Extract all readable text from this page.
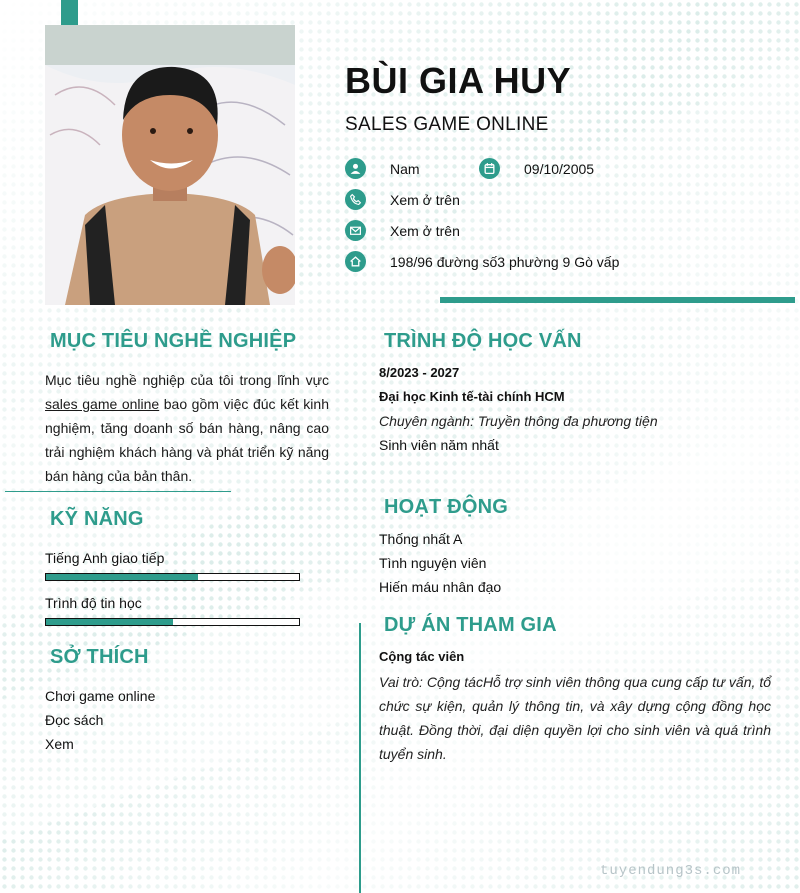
BÙI GIA HUY
SALES GAME ONLINE
Nam	09/10/2005
Xem ở trên
Xem ở trên
198/96 đường số3 phường 9 Gò vấp
MỤC TIÊU NGHỀ NGHIỆP
Mục tiêu nghề nghiệp của tôi trong lĩnh vực sales game online bao gồm việc đúc kết kinh nghiệm, tăng doanh số bán hàng, nâng cao trải nghiệm khách hàng và phát triển kỹ năng bán hàng của bản thân.
KỸ NĂNG
Tiếng Anh giao tiếp
Trình độ tin học
SỞ THÍCH
Chơi game online
Đọc sách
Xem
TRÌNH ĐỘ HỌC VẤN
8/2023 - 2027
Đại học Kinh tế-tài chính HCM
Chuyên ngành: Truyền thông đa phương tiện
Sinh viên năm nhất
HOẠT ĐỘNG
Thống nhất A
Tình nguyện viên
Hiến máu nhân đạo
DỰ ÁN THAM GIA
Cộng tác viên
Vai trò: Cộng tácHỗ trợ sinh viên thông qua cung cấp tư vấn, tổ chức sự kiện, quản lý thông tin, và xây dựng cộng đồng học thuật. Đồng thời, đại diện quyền lợi cho sinh viên và quá trình tuyển sinh.
tuyendung3s.com
